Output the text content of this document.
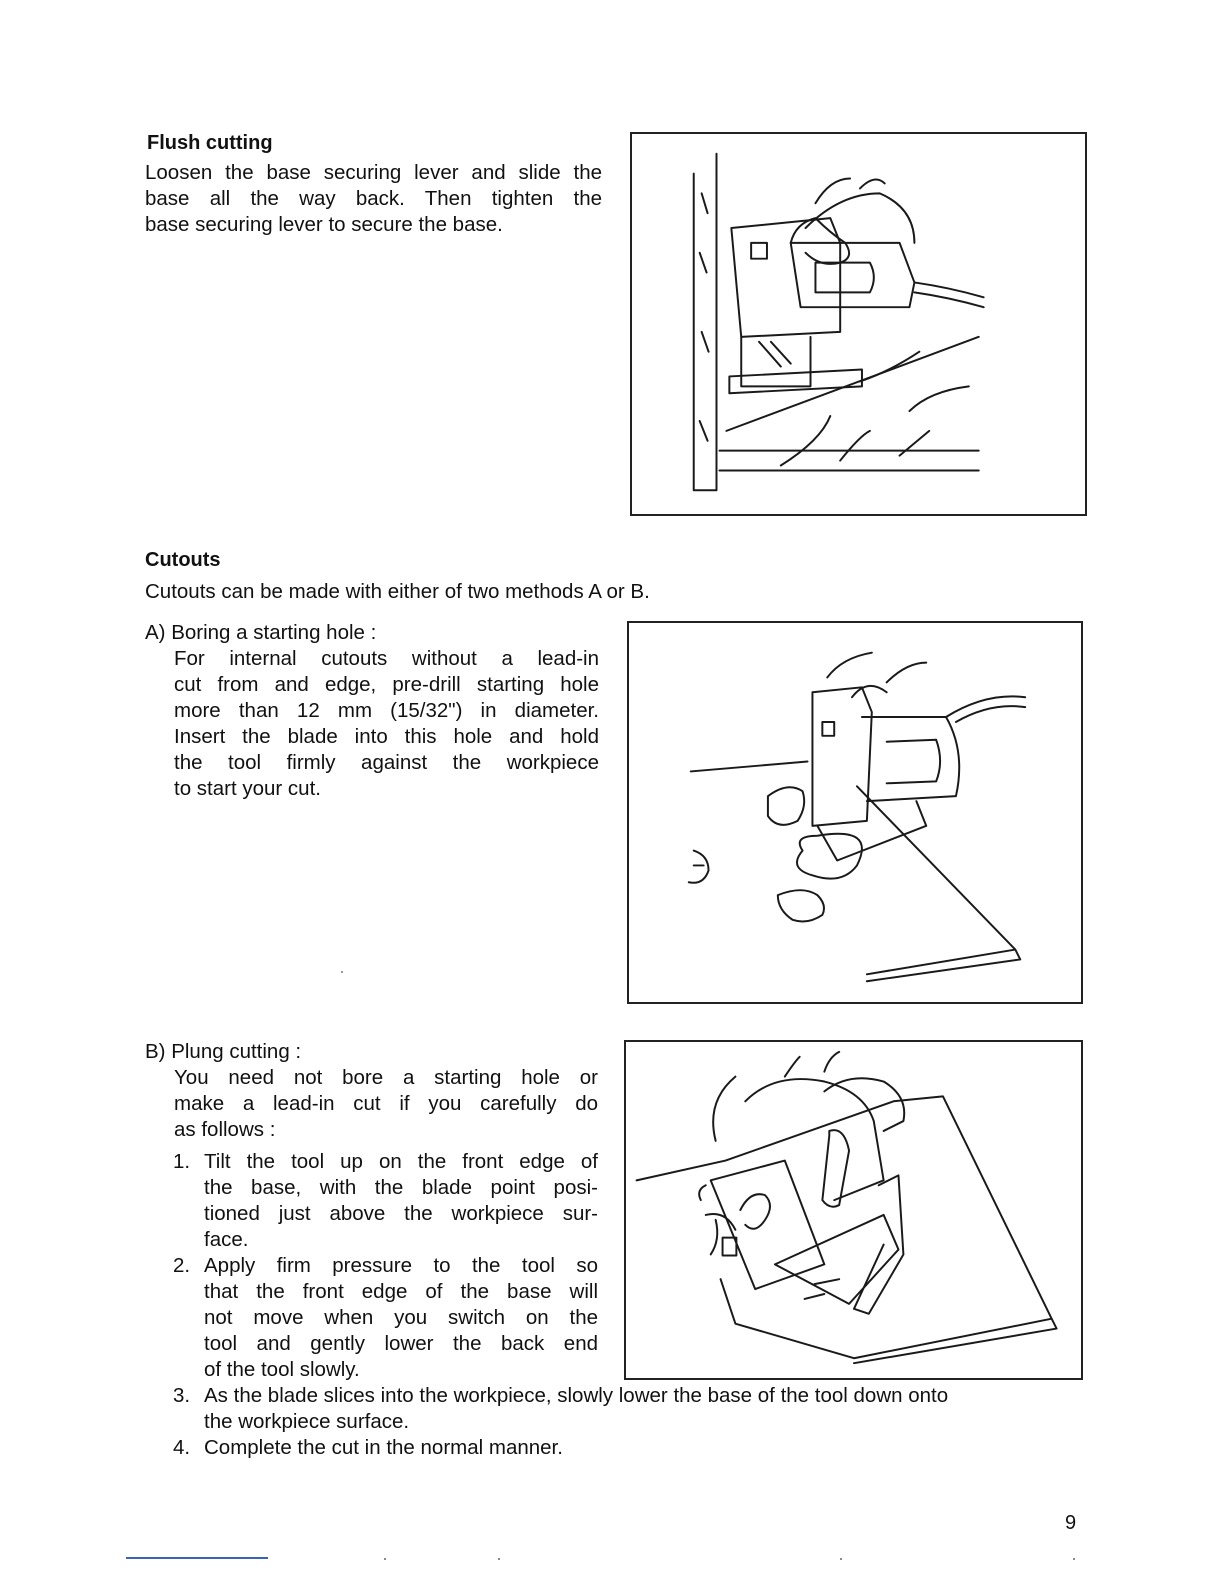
Flush cutting
Loosen the base securing lever and slide the
base all the way back. Then tighten the
base securing lever to secure the base.
Cutouts
Cutouts can be made with either of two methods A or B.
A) Boring a starting hole :
For internal cutouts without a lead-in
cut from and edge, pre-drill starting hole
more than 12 mm (15/32") in diameter.
Insert the blade into this hole and hold
the tool firmly against the workpiece
to start your cut.
B) Plung cutting :
You need not bore a starting hole or
make a lead-in cut if you carefully do
as follows :
1. Tilt the tool up on the front edge of
the base, with the blade point posi-
tioned just above the workpiece sur-
face.
2. Apply firm pressure to the tool so
that the front edge of the base will
not move when you switch on the
tool and gently lower the back end
of the tool slowly.
3. As the blade slices into the workpiece, slowly lower the base of the tool down onto
the workpiece surface.
4. Complete the cut in the normal manner.
9
